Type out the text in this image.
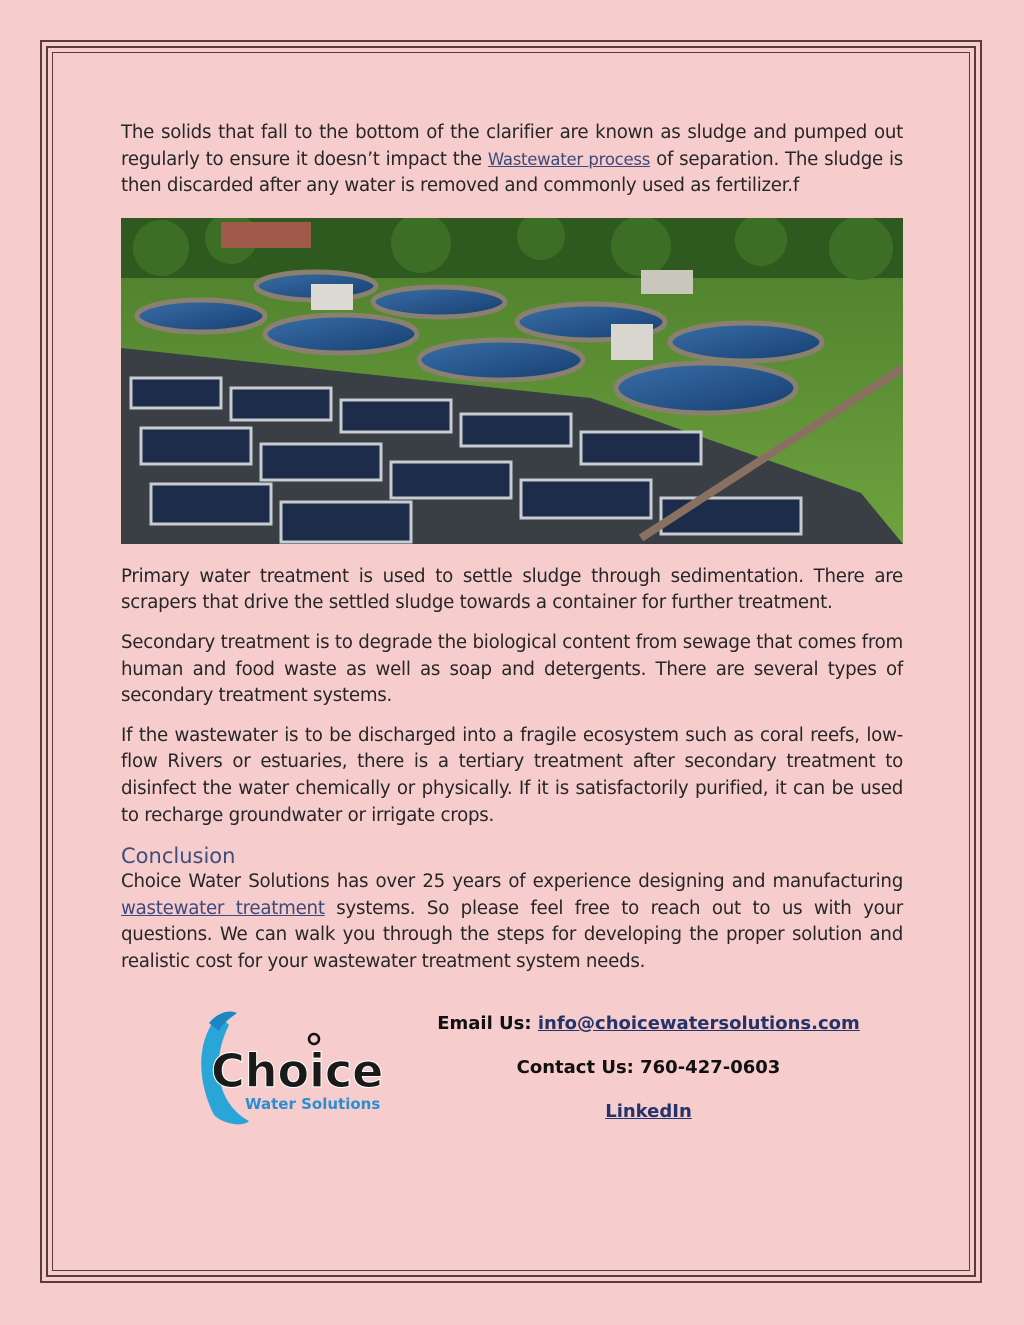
The solids that fall to the bottom of the clarifier are known as sludge and pumped out regularly to ensure it doesn’t impact the Wastewater process of separation. The sludge is then discarded after any water is removed and commonly used as fertilizer.f

Primary water treatment is used to settle sludge through sedimentation. There are scrapers that drive the settled sludge towards a container for further treatment.

Secondary treatment is to degrade the biological content from sewage that comes from human and food waste as well as soap and detergents. There are several types of secondary treatment systems.

If the wastewater is to be discharged into a fragile ecosystem such as coral reefs, low-flow Rivers or estuaries, there is a tertiary treatment after secondary treatment to disinfect the water chemically or physically. If it is satisfactorily purified, it can be used to recharge groundwater or irrigate crops.

Conclusion

Choice Water Solutions has over 25 years of experience designing and manufacturing wastewater treatment systems. So please feel free to reach out to us with your questions. We can walk you through the steps for developing the proper solution and realistic cost for your wastewater treatment system needs.

Choice
Water Solutions
Email Us: info@choicewatersolutions.com
Contact Us: 760-427-0603
LinkedIn
